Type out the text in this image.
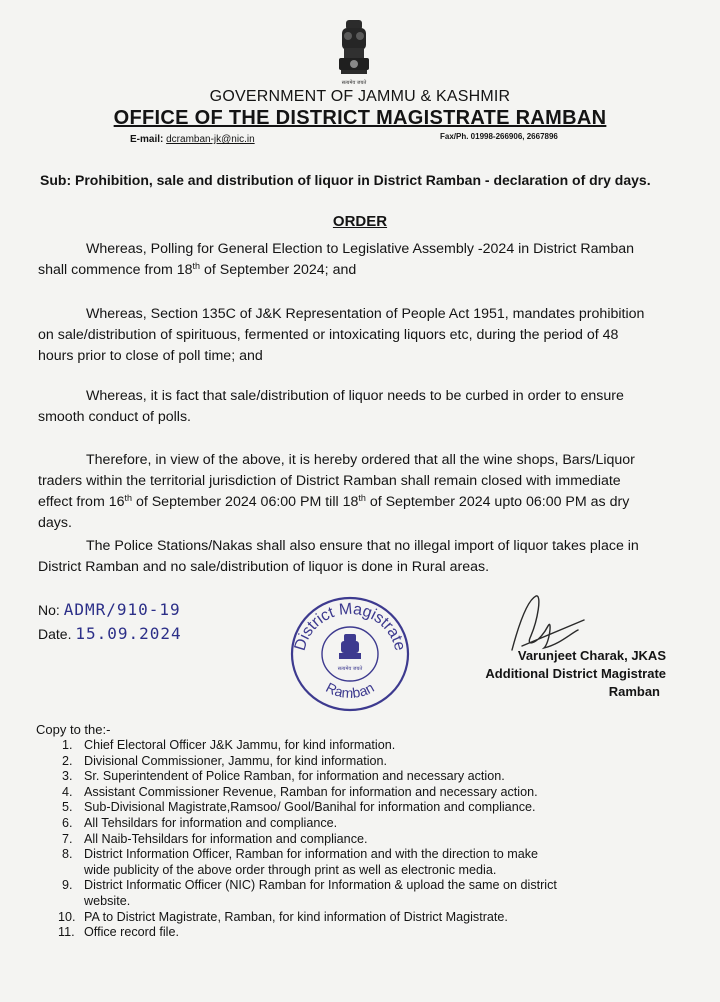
सत्यमेव जयते
GOVERNMENT OF JAMMU & KASHMIR
OFFICE OF THE DISTRICT MAGISTRATE RAMBAN
E-mail: dcramban-jk@nic.in	Fax/Ph. 01998-266906, 2667896
Sub: Prohibition, sale and distribution of liquor in District Ramban - declaration of dry days.
ORDER
Whereas, Polling for General Election to Legislative Assembly -2024 in District Ramban
shall commence from 18th of September 2024; and
Whereas, Section 135C of J&K Representation of People Act 1951, mandates prohibition
on sale/distribution of spirituous, fermented or intoxicating liquors etc, during the period of 48
hours prior to close of poll time; and
Whereas, it is fact that sale/distribution of liquor needs to be curbed in order to ensure
smooth conduct of polls.
Therefore, in view of the above, it is hereby ordered that all the wine shops, Bars/Liquor
traders within the territorial jurisdiction of District Ramban shall remain closed with immediate
effect from 16th of September 2024 06:00 PM till 18th of September 2024 upto 06:00 PM as dry
days.
The Police Stations/Nakas shall also ensure that no illegal import of liquor takes place in
District Ramban and no sale/distribution of liquor is done in Rural areas.
No: ADMR/910-19
Date. 15.09.2024
District Magistrate
Ramban
सत्यमेव जयते
Varunjeet Charak, JKAS
Additional District Magistrate
Ramban
Copy to the:-
1. Chief Electoral Officer J&K Jammu, for kind information.
2. Divisional Commissioner, Jammu, for kind information.
3. Sr. Superintendent of Police Ramban, for information and necessary action.
4. Assistant Commissioner Revenue, Ramban for information and necessary action.
5. Sub-Divisional Magistrate,Ramsoo/ Gool/Banihal for information and compliance.
6. All Tehsildars for information and compliance.
7. All Naib-Tehsildars for information and compliance.
8. District Information Officer, Ramban for information and with the direction to make
wide publicity of the above order through print as well as electronic media.
9. District Informatic Officer (NIC) Ramban for Information & upload the same on district
website.
10. PA to District Magistrate, Ramban, for kind information of District Magistrate.
11. Office record file.
